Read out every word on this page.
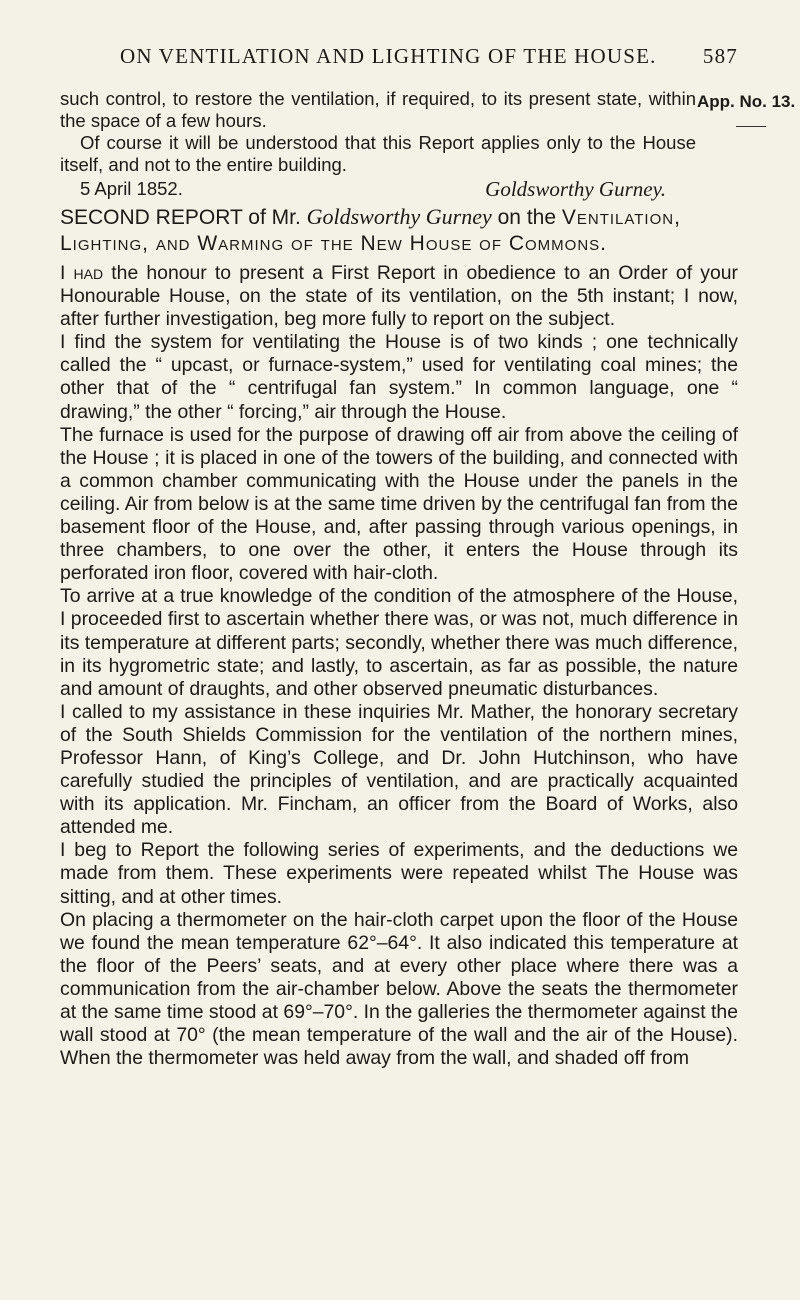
ON VENTILATION AND LIGHTING OF THE HOUSE. 587
App. No. 13.

such control, to restore the ventilation, if required, to its present state, within the space of a few hours.

Of course it will be understood that this Report applies only to the House itself, and not to the entire building.

5 April 1852.	Goldsworthy Gurney.
SECOND REPORT of Mr. Goldsworthy Gurney on the Ventilation, Lighting, and Warming of the New House of Commons.

I had the honour to present a First Report in obedience to an Order of your Honourable House, on the state of its ventilation, on the 5th instant; I now, after further investigation, beg more fully to report on the subject.

I find the system for ventilating the House is of two kinds ; one technically called the “ upcast, or furnace-system,” used for ventilating coal mines; the other that of the “ centrifugal fan system.” In common language, one “ drawing,” the other “ forcing,” air through the House.

The furnace is used for the purpose of drawing off air from above the ceiling of the House ; it is placed in one of the towers of the building, and connected with a common chamber communicating with the House under the panels in the ceiling. Air from below is at the same time driven by the centrifugal fan from the basement floor of the House, and, after passing through various openings, in three chambers, to one over the other, it enters the House through its perforated iron floor, covered with hair-cloth.

To arrive at a true knowledge of the condition of the atmosphere of the House, I proceeded first to ascertain whether there was, or was not, much difference in its temperature at different parts; secondly, whether there was much difference, in its hygrometric state; and lastly, to ascertain, as far as possible, the nature and amount of draughts, and other observed pneumatic disturbances.

I called to my assistance in these inquiries Mr. Mather, the honorary secretary of the South Shields Commission for the ventilation of the northern mines, Professor Hann, of King’s College, and Dr. John Hutchinson, who have carefully studied the principles of ventilation, and are practically acquainted with its application. Mr. Fincham, an officer from the Board of Works, also attended me.

I beg to Report the following series of experiments, and the deductions we made from them. These experiments were repeated whilst The House was sitting, and at other times.

On placing a thermometer on the hair-cloth carpet upon the floor of the House we found the mean temperature 62°–64°. It also indicated this temperature at the floor of the Peers’ seats, and at every other place where there was a communication from the air-chamber below. Above the seats the thermometer at the same time stood at 69°–70°. In the galleries the thermometer against the wall stood at 70° (the mean temperature of the wall and the air of the House). When the thermometer was held away from the wall, and shaded off from
